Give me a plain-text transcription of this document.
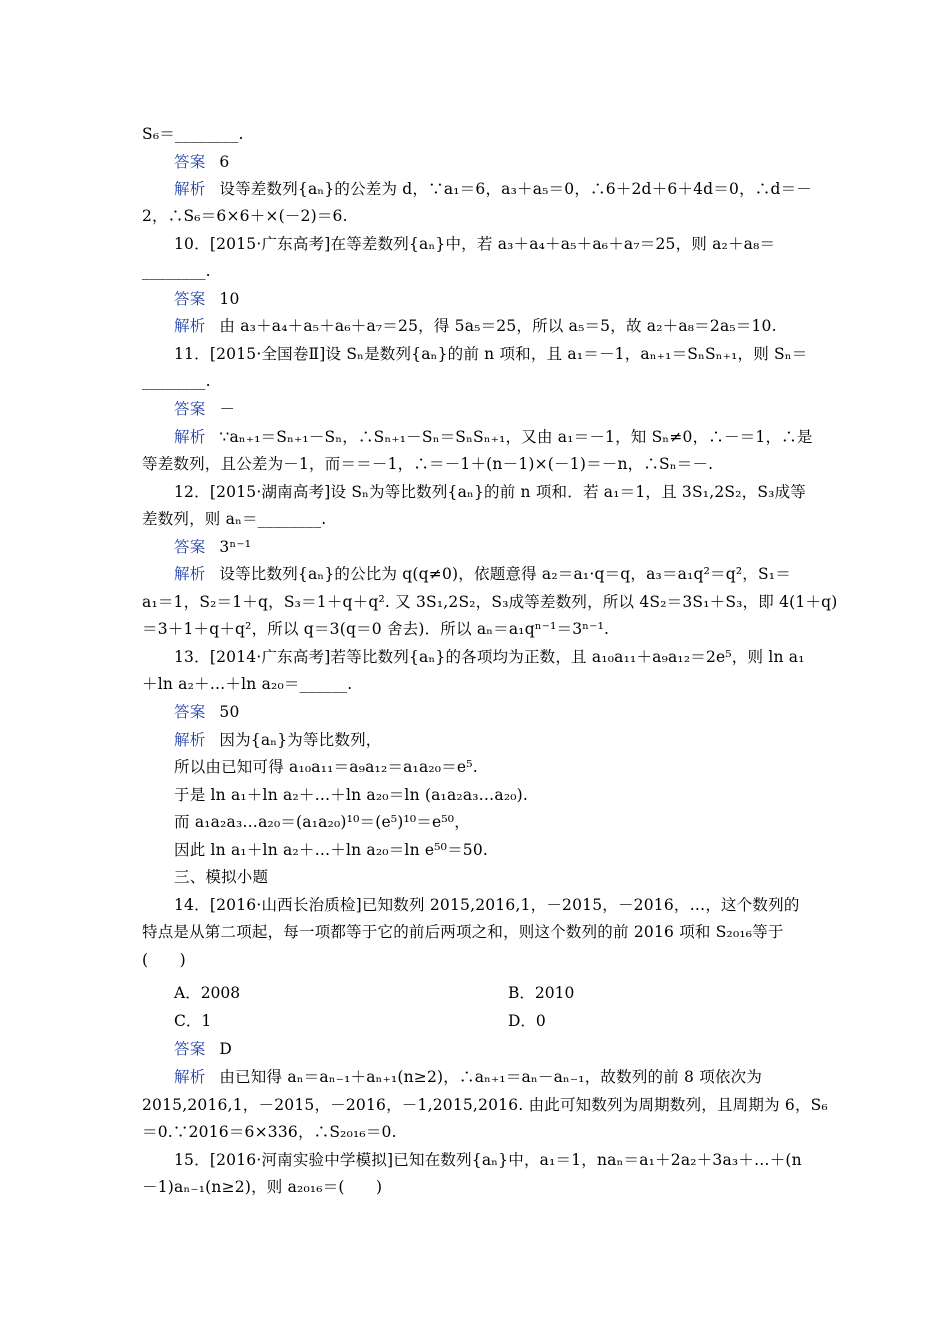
S₆＝________.
答案 6
解析 设等差数列{aₙ}的公差为 d，∵a₁＝6，a₃＋a₅＝0，∴6＋2d＋6＋4d＝0，∴d＝－
2，∴S₆＝6×6＋×(－2)＝6.
10．[2015·广东高考]在等差数列{aₙ}中，若 a₃＋a₄＋a₅＋a₆＋a₇＝25，则 a₂＋a₈＝
________.
答案 10
解析 由 a₃＋a₄＋a₅＋a₆＋a₇＝25，得 5a₅＝25，所以 a₅＝5，故 a₂＋a₈＝2a₅＝10.
11．[2015·全国卷Ⅱ]设 Sₙ是数列{aₙ}的前 n 项和，且 a₁＝－1，aₙ₊₁＝SₙSₙ₊₁，则 Sₙ＝
________.
答案 －
解析 ∵aₙ₊₁＝Sₙ₊₁－Sₙ，∴Sₙ₊₁－Sₙ＝SₙSₙ₊₁，又由 a₁＝－1，知 Sₙ≠0，∴－＝1，∴是
等差数列，且公差为－1，而＝＝－1，∴＝－1＋(n－1)×(－1)＝－n，∴Sₙ＝－.
12．[2015·湖南高考]设 Sₙ为等比数列{aₙ}的前 n 项和．若 a₁＝1，且 3S₁,2S₂，S₃成等
差数列，则 aₙ＝________.
答案 3ⁿ⁻¹
解析 设等比数列{aₙ}的公比为 q(q≠0)，依题意得 a₂＝a₁·q＝q，a₃＝a₁q²＝q²，S₁＝
a₁＝1，S₂＝1＋q，S₃＝1＋q＋q². 又 3S₁,2S₂，S₃成等差数列，所以 4S₂＝3S₁＋S₃，即 4(1＋q)
＝3＋1＋q＋q²，所以 q＝3(q＝0 舍去)．所以 aₙ＝a₁qⁿ⁻¹＝3ⁿ⁻¹.
13．[2014·广东高考]若等比数列{aₙ}的各项均为正数，且 a₁₀a₁₁＋a₉a₁₂＝2e⁵，则 ln a₁
＋ln a₂＋…＋ln a₂₀＝______.
答案 50
解析 因为{aₙ}为等比数列，
所以由已知可得 a₁₀a₁₁＝a₉a₁₂＝a₁a₂₀＝e⁵.
于是 ln a₁＋ln a₂＋…＋ln a₂₀＝ln (a₁a₂a₃…a₂₀).
而 a₁a₂a₃…a₂₀＝(a₁a₂₀)¹⁰＝(e⁵)¹⁰＝e⁵⁰，
因此 ln a₁＋ln a₂＋…＋ln a₂₀＝ln e⁵⁰＝50.
三、模拟小题
14．[2016·山西长治质检]已知数列 2015,2016,1，－2015，－2016，…，这个数列的
特点是从第二项起，每一项都等于它的前后两项之和，则这个数列的前 2016 项和 S₂₀₁₆等于
(　　)
答案 D
解析 由已知得 aₙ＝aₙ₋₁＋aₙ₊₁(n≥2)，∴aₙ₊₁＝aₙ－aₙ₋₁，故数列的前 8 项依次为
2015,2016,1，－2015，－2016，－1,2015,2016. 由此可知数列为周期数列，且周期为 6，S₆
＝0.∵2016＝6×336，∴S₂₀₁₆＝0.
15．[2016·河南实验中学模拟]已知在数列{aₙ}中，a₁＝1，naₙ＝a₁＋2a₂＋3a₃＋…＋(n
－1)aₙ₋₁(n≥2)，则 a₂₀₁₆＝(　　)
A．2008	B．2010
C．1	D．0
